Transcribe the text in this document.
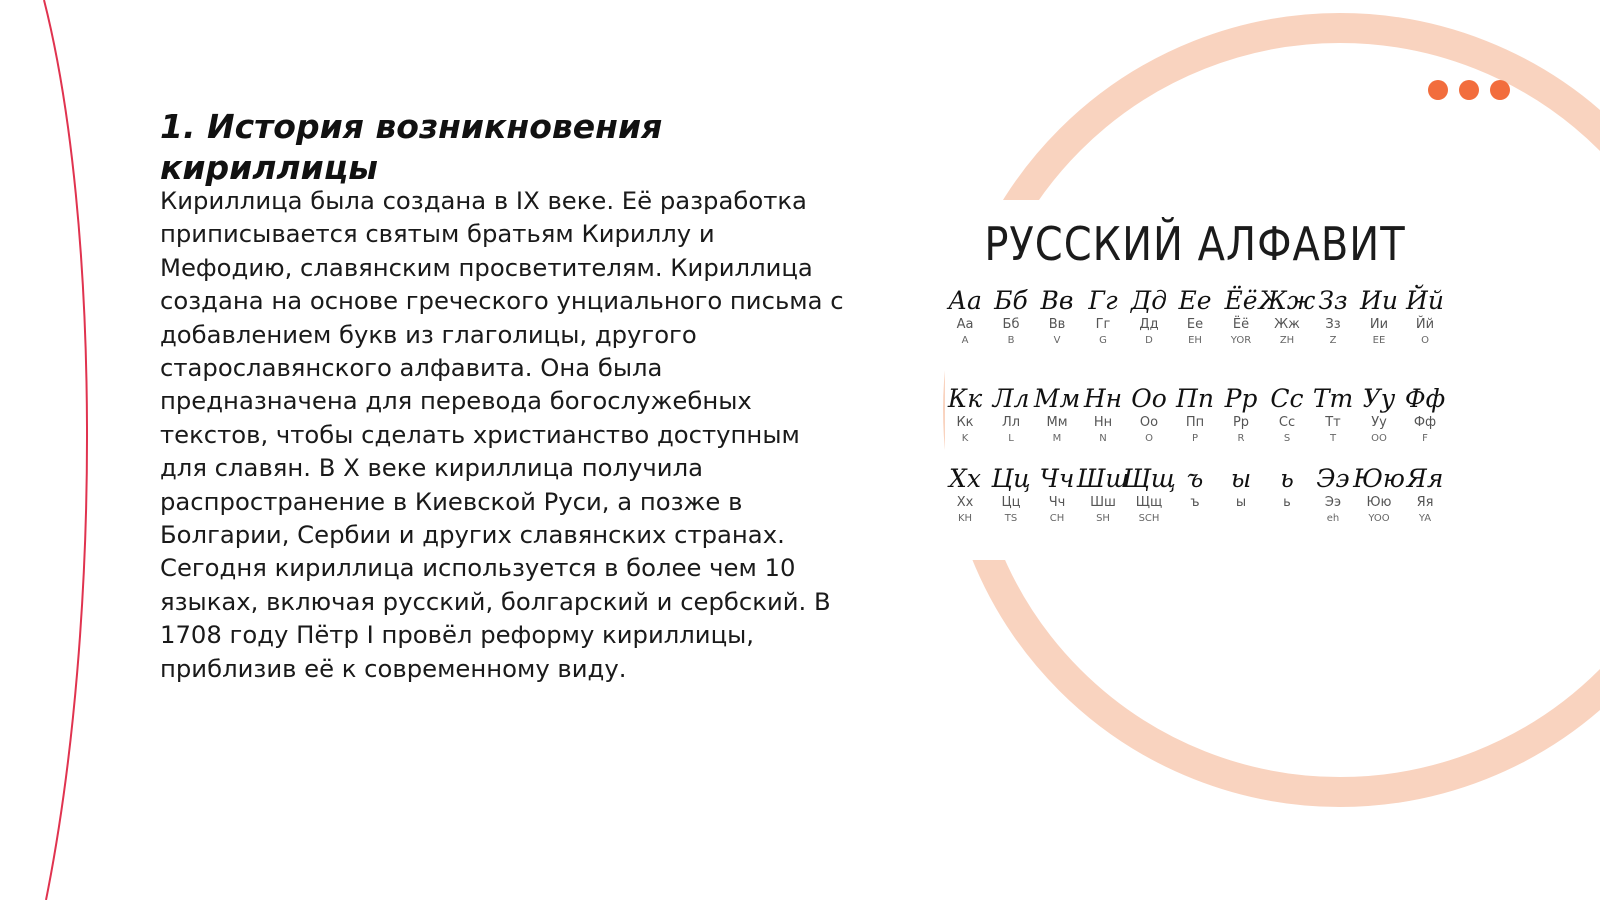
1. История возникновения кириллицы

Кириллица была создана в IX веке. Её разработка приписывается святым братьям Кириллу и Мефодию, славянским просветителям. Кириллица создана на основе греческого унциального письма с добавлением букв из глаголицы, другого старославянского алфавита. Она была предназначена для перевода богослужебных текстов, чтобы сделать христианство доступным для славян. В X веке кириллица получила распространение в Киевской Руси, а позже в Болгарии, Сербии и других славянских странах. Сегодня кириллица используется в более чем 10 языках, включая русский, болгарский и сербский. В 1708 году Пётр I провёл реформу кириллицы, приблизив её к современному виду.

РУССКИЙ АЛФАВИТ
Аа
Аа
A
Бб
Бб
B
Вв
Вв
V
Гг
Гг
G
Дд
Дд
D
Ее
Ее
EH
Ёё
Ёё
YOR
Жж
Жж
ZH
Зз
Зз
Z
Ии
Ии
EE
Йй
Йй
O
Кк
Кк
K
Лл
Лл
L
Мм
Мм
M
Нн
Нн
N
Оо
Оо
O
Пп
Пп
P
Рр
Рр
R
Сс
Сс
S
Тт
Тт
T
Уу
Уу
OO
Фф
Фф
F
Хх
Хх
KH
Цц
Цц
TS
Чч
Чч
CH
Шш
Шш
SH
Щщ
Щщ
SCH
ъ
ъ
ы
ы
ь
ь
Ээ
Ээ
eh
Юю
Юю
YOO
Яя
Яя
YA
